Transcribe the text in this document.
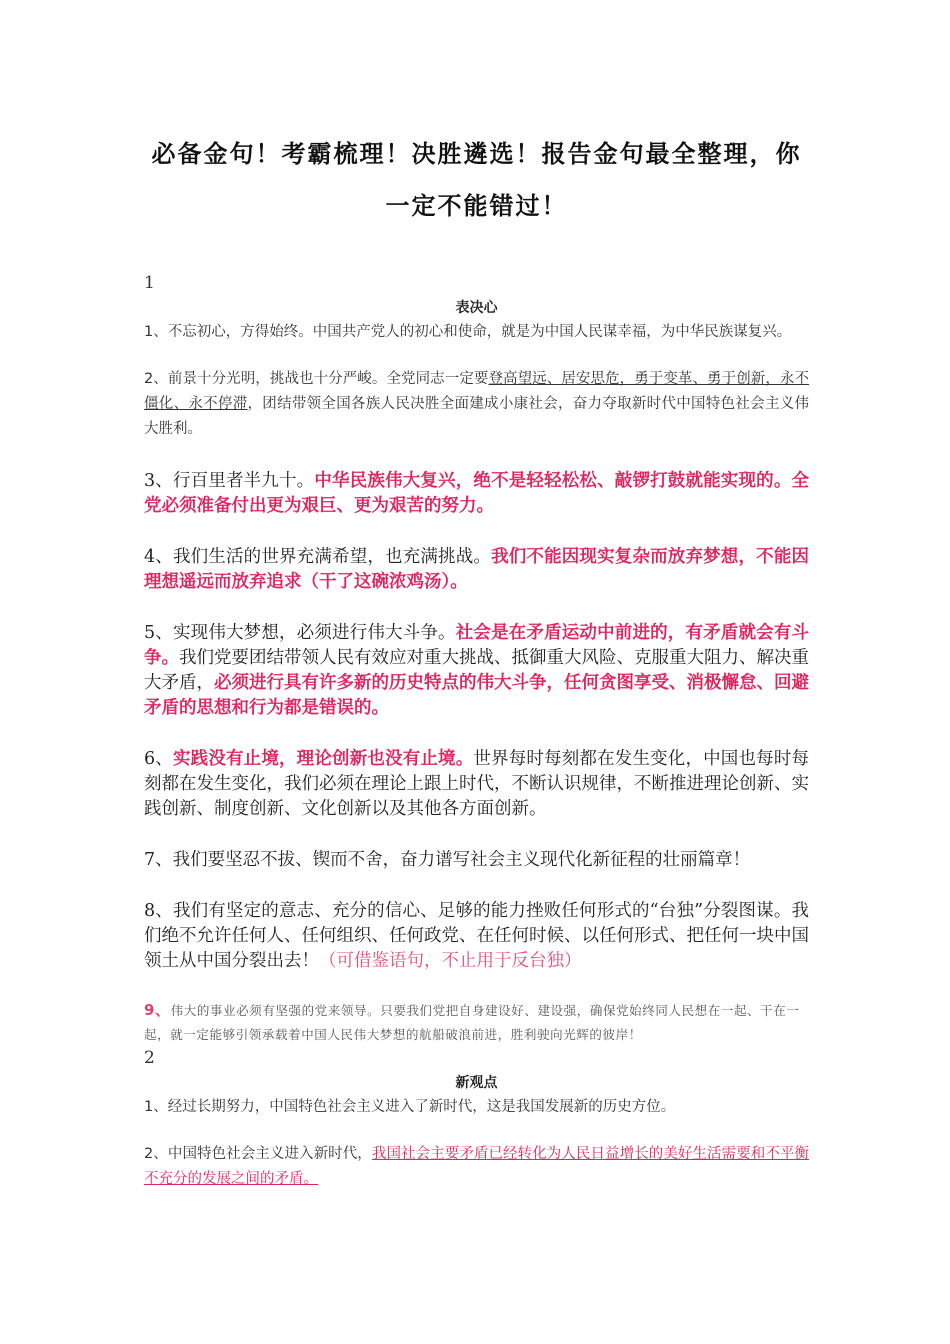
必备金句！考霸梳理！决胜遴选！报告金句最全整理，你一定不能错过！
1
表决心

1、不忘初心，方得始终。中国共产党人的初心和使命，就是为中国人民谋幸福，为中华民族谋复兴。

2、前景十分光明，挑战也十分严峻。全党同志一定要登高望远、居安思危，勇于变革、勇于创新，永不僵化、永不停滞，团结带领全国各族人民决胜全面建成小康社会，奋力夺取新时代中国特色社会主义伟大胜利。

3、行百里者半九十。中华民族伟大复兴，绝不是轻轻松松、敲锣打鼓就能实现的。全党必须准备付出更为艰巨、更为艰苦的努力。

4、我们生活的世界充满希望，也充满挑战。我们不能因现实复杂而放弃梦想，不能因理想遥远而放弃追求（干了这碗浓鸡汤）。

5、实现伟大梦想，必须进行伟大斗争。社会是在矛盾运动中前进的，有矛盾就会有斗争。我们党要团结带领人民有效应对重大挑战、抵御重大风险、克服重大阻力、解决重大矛盾，必须进行具有许多新的历史特点的伟大斗争，任何贪图享受、消极懈怠、回避矛盾的思想和行为都是错误的。

6、实践没有止境，理论创新也没有止境。世界每时每刻都在发生变化，中国也每时每刻都在发生变化，我们必须在理论上跟上时代，不断认识规律，不断推进理论创新、实践创新、制度创新、文化创新以及其他各方面创新。

7、我们要坚忍不拔、锲而不舍，奋力谱写社会主义现代化新征程的壮丽篇章！

8、我们有坚定的意志、充分的信心、足够的能力挫败任何形式的“台独”分裂图谋。我们绝不允许任何人、任何组织、任何政党、在任何时候、以任何形式、把任何一块中国领土从中国分裂出去！（可借鉴语句，不止用于反台独）

9、伟大的事业必须有坚强的党来领导。只要我们党把自身建设好、建设强，确保党始终同人民想在一起、干在一起，就一定能够引领承载着中国人民伟大梦想的航船破浪前进，胜利驶向光辉的彼岸！

2
新观点

1、经过长期努力，中国特色社会主义进入了新时代，这是我国发展新的历史方位。

2、中国特色社会主义进入新时代，我国社会主要矛盾已经转化为人民日益增长的美好生活需要和不平衡不充分的发展之间的矛盾。
